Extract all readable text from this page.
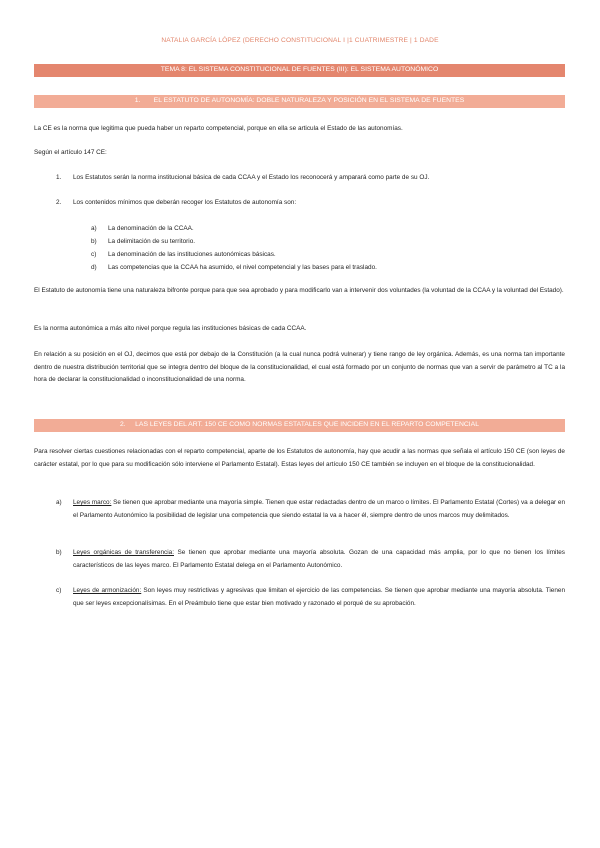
NATALIA GARCÍA LÓPEZ (DERECHO CONSTITUCIONAL I |1 CUATRIMESTRE | 1 DADE
TEMA 8: EL SISTEMA CONSTITUCIONAL DE FUENTES (III): EL SISTEMA AUTONÓMICO
1. EL ESTATUTO DE AUTONOMÍA: DOBLE NATURALEZA Y POSICIÓN EN EL SISTEMA DE FUENTES
La CE es la norma que legitima que pueda haber un reparto competencial, porque en ella se articula el Estado de las autonomías.
Según el artículo 147 CE:
1. Los Estatutos serán la norma institucional básica de cada CCAA y el Estado los reconocerá y amparará como parte de su OJ.
2. Los contenidos mínimos que deberán recoger los Estatutos de autonomía son:
a) La denominación de la CCAA.
b) La delimitación de su territorio.
c) La denominación de las instituciones autonómicas básicas.
d) Las competencias que la CCAA ha asumido, el nivel competencial y las bases para el traslado.
El Estatuto de autonomía tiene una naturaleza bifronte porque para que sea aprobado y para modificarlo van a intervenir dos voluntades (la voluntad de la CCAA y la voluntad del Estado).
Es la norma autonómica a más alto nivel porque regula las instituciones básicas de cada CCAA.
En relación a su posición en el OJ, decimos que está por debajo de la Constitución (a la cual nunca podrá vulnerar) y tiene rango de ley orgánica. Además, es una norma tan importante dentro de nuestra distribución territorial que se integra dentro del bloque de la constitucionalidad, el cual está formado por un conjunto de normas que van a servir de parámetro al TC a la hora de declarar la constitucionalidad o inconstitucionalidad de una norma.
2. LAS LEYES DEL ART. 150 CE COMO NORMAS ESTATALES QUE INCIDEN EN EL REPARTO COMPETENCIAL
Para resolver ciertas cuestiones relacionadas con el reparto competencial, aparte de los Estatutos de autonomía, hay que acudir a las normas que señala el artículo 150 CE (son leyes de carácter estatal, por lo que para su modificación sólo interviene el Parlamento Estatal). Estas leyes del artículo 150 CE también se incluyen en el bloque de la constitucionalidad.
a) Leyes marco: Se tienen que aprobar mediante una mayoría simple. Tienen que estar redactadas dentro de un marco o límites. El Parlamento Estatal (Cortes) va a delegar en el Parlamento Autonómico la posibilidad de legislar una competencia que siendo estatal la va a hacer él, siempre dentro de unos marcos muy delimitados.
b) Leyes orgánicas de transferencia: Se tienen que aprobar mediante una mayoría absoluta. Gozan de una capacidad más amplia, por lo que no tienen los límites característicos de las leyes marco. El Parlamento Estatal delega en el Parlamento Autonómico.
c) Leyes de armonización: Son leyes muy restrictivas y agresivas que limitan el ejercicio de las competencias. Se tienen que aprobar mediante una mayoría absoluta. Tienen que ser leyes excepcionalísimas. En el Preámbulo tiene que estar bien motivado y razonado el porqué de su aprobación.
